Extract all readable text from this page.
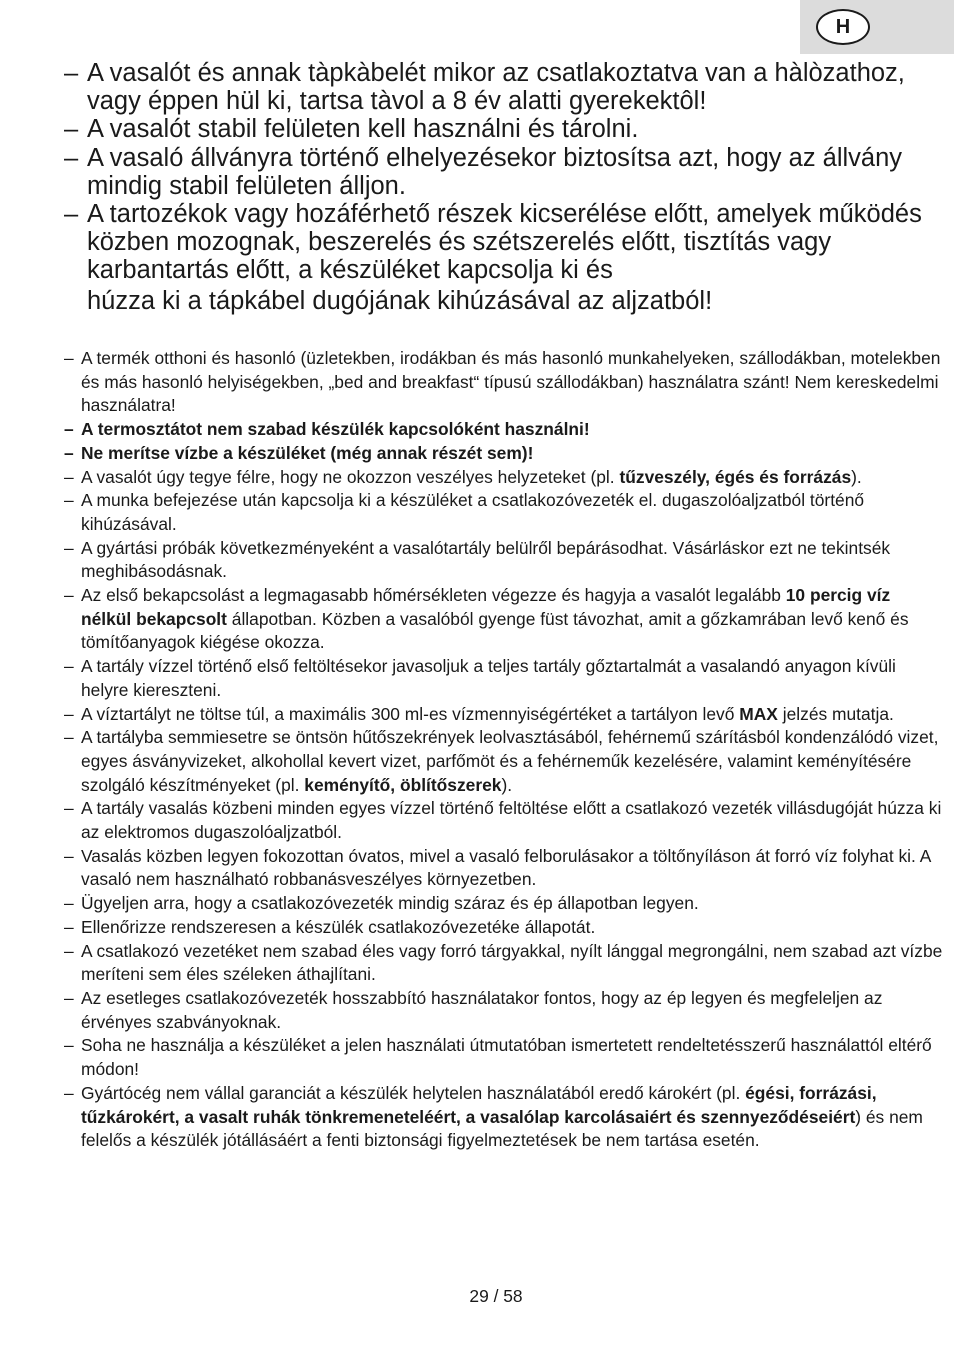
H
– A vasalót és annak tàpkàbelét mikor az csatlakoztatva van a hàlòzathoz, vagy éppen hül ki, tartsa tàvol a 8 év alatti gyerekektôl!
– A vasalót stabil felületen kell használni és tárolni.
– A vasaló állványra történő elhelyezésekor biztosítsa azt, hogy az állvány mindig stabil felületen álljon.
– A tartozékok vagy hozáférhető részek kicserélése előtt, amelyek működés közben mozognak, beszerelés és szétszerelés előtt, tisztítás vagy karbantartás előtt, a készüléket kapcsolja ki és
húzza ki a tápkábel dugójának kihúzásával az aljzatból!
– A termék otthoni és hasonló (üzletekben, irodákban és más hasonló munkahelyeken, szállodákban, motelekben és más hasonló helyiségekben, „bed and breakfast“ típusú szállodákban) használatra szánt! Nem kereskedelmi használatra!
– A termosztátot nem szabad készülék kapcsolóként használni!
– Ne merítse vízbe a készüléket (még annak részét sem)!
– A vasalót úgy tegye félre, hogy ne okozzon veszélyes helyzeteket (pl. tűzveszély, égés és forrázás).
– A munka befejezése után kapcsolja ki a készüléket a csatlakozóvezeték el. dugaszolóaljzatból történő kihúzásával.
– A gyártási próbák következményeként a vasalótartály belülről bepárásodhat. Vásárláskor ezt ne tekintsék meghibásodásnak.
– Az első bekapcsolást a legmagasabb hőmérsékleten végezze és hagyja a vasalót legalább 10 percig víz nélkül bekapcsolt állapotban. Közben a vasalóból gyenge füst távozhat, amit a gőzkamrában levő kenő és tömítőanyagok kiégése okozza.
– A tartály vízzel történő első feltöltésekor javasoljuk a teljes tartály gőztartalmát a vasalandó anyagon kívüli helyre kiereszteni.
– A víztartályt ne töltse túl, a maximális 300 ml-es vízmennyiségértéket a tartályon levő MAX jelzés mutatja.
– A tartályba semmiesetre se öntsön hűtőszekrények leolvasztásából, fehérnemű szárításból kondenzálódó vizet, egyes ásványvizeket, alkohollal kevert vizet, parfőmöt és a fehérneműk kezelésére, valamint keményítésére szolgáló készítményeket (pl. keményítő, öblítőszerek).
– A tartály vasalás közbeni minden egyes vízzel történő feltöltése előtt a csatlakozó vezeték villásdugóját húzza ki az elektromos dugaszolóaljzatból.
– Vasalás közben legyen fokozottan óvatos, mivel a vasaló felborulásakor a töltőnyíláson át forró víz folyhat ki. A vasaló nem használható robbanásveszélyes környezetben.
– Ügyeljen arra, hogy a csatlakozóvezeték mindig száraz és ép állapotban legyen.
– Ellenőrizze rendszeresen a készülék csatlakozóvezetéke állapotát.
– A csatlakozó vezetéket nem szabad éles vagy forró tárgyakkal, nyílt lánggal megrongálni, nem szabad azt vízbe meríteni sem éles széleken áthajlítani.
– Az esetleges csatlakozóvezeték hosszabbító használatakor fontos, hogy az ép legyen és megfeleljen az érvényes szabványoknak.
– Soha ne használja a készüléket a jelen használati útmutatóban ismertetett rendeltetésszerű használattól eltérő módon!
– Gyártócég nem vállal garanciát a készülék helytelen használatából eredő károkért (pl. égési, forrázási, tűzkárokért, a vasalt ruhák tönkremeneteléért, a vasalólap karcolásaiért és szennyeződéseiért) és nem felelős a készülék jótállásáért a fenti biztonsági figyelmeztetések be nem tartása esetén.
29 / 58
